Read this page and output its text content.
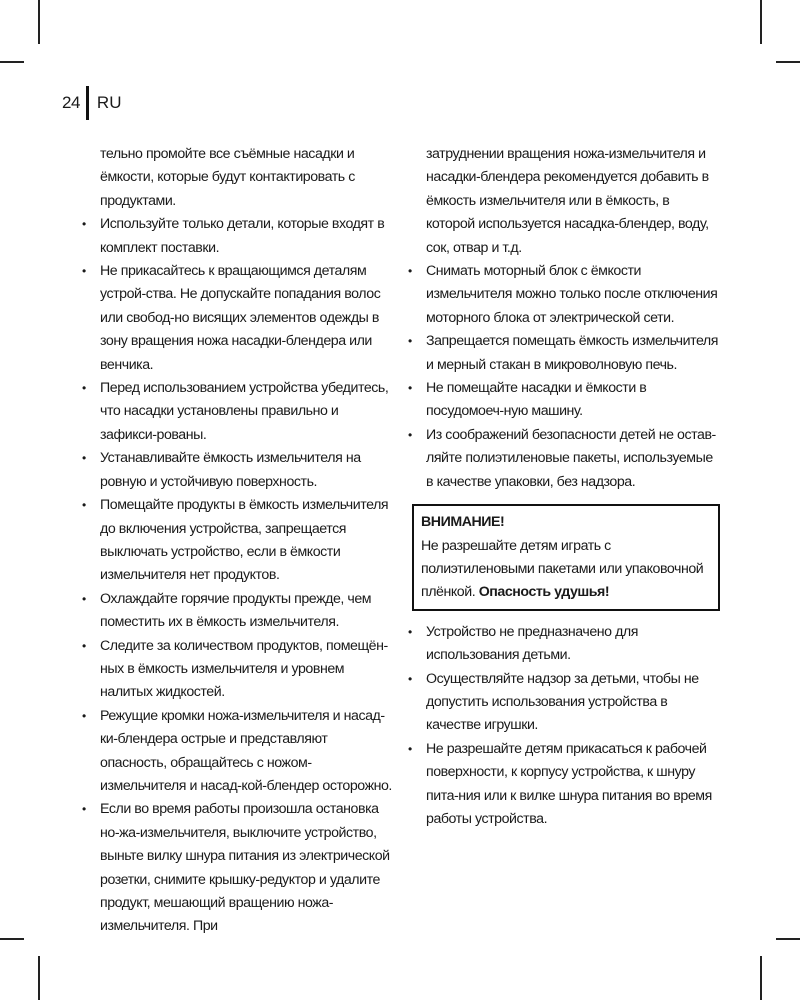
24 RU
тельно промойте все съёмные насадки и ёмкости, которые будут контактировать с продуктами.
•	Используйте только детали, которые входят в комплект поставки.
•	Не прикасайтесь к вращающимся деталям устрой-ства. Не допускайте попадания волос или свобод-но висящих элементов одежды в зону вращения ножа насадки-блендера или венчика.
•	Перед использованием устройства убедитесь, что насадки установлены правильно и зафикси-рованы.
•	Устанавливайте ёмкость измельчителя на ровную и устойчивую поверхность.
•	Помещайте продукты в ёмкость измельчителя до включения устройства, запрещается выключать устройство, если в ёмкости измельчителя нет продуктов.
•	Охлаждайте горячие продукты прежде, чем поместить их в ёмкость измельчителя.
•	Следите за количеством продуктов, помещён-ных в ёмкость измельчителя и уровнем налитых жидкостей.
•	Режущие кромки ножа-измельчителя и насад-ки-блендера острые и представляют опасность, обращайтесь с ножом-измельчителя и насад-кой-блендер осторожно.
•	Если во время работы произошла остановка но-жа-измельчителя, выключите устройство, выньте вилку шнура питания из электрической розетки, снимите крышку-редуктор и удалите продукт, мешающий вращению ножа-измельчителя. При
затруднении вращения ножа-измельчителя и насадки-блендера рекомендуется добавить в ёмкость измельчителя или в ёмкость, в которой используется насадка-блендер, воду, сок, отвар и т.д.
•	Снимать моторный блок с ёмкости измельчителя можно только после отключения моторного блока от электрической сети.
•	Запрещается помещать ёмкость измельчителя и мерный стакан в микроволновую печь.
•	Не помещайте насадки и ёмкости в посудомоеч-ную машину.
•	Из соображений безопасности детей не остав-ляйте полиэтиленовые пакеты, используемые в качестве упаковки, без надзора.
ВНИМАНИЕ!
Не разрешайте детям играть с полиэтиленовыми пакетами или упаковочной плёнкой. Опасность удушья!
•	Устройство не предназначено для использования детьми.
•	Осуществляйте надзор за детьми, чтобы не допустить использования устройства в качестве игрушки.
•	Не разрешайте детям прикасаться к рабочей поверхности, к корпусу устройства, к шнуру пита-ния или к вилке шнура питания во время работы устройства.
